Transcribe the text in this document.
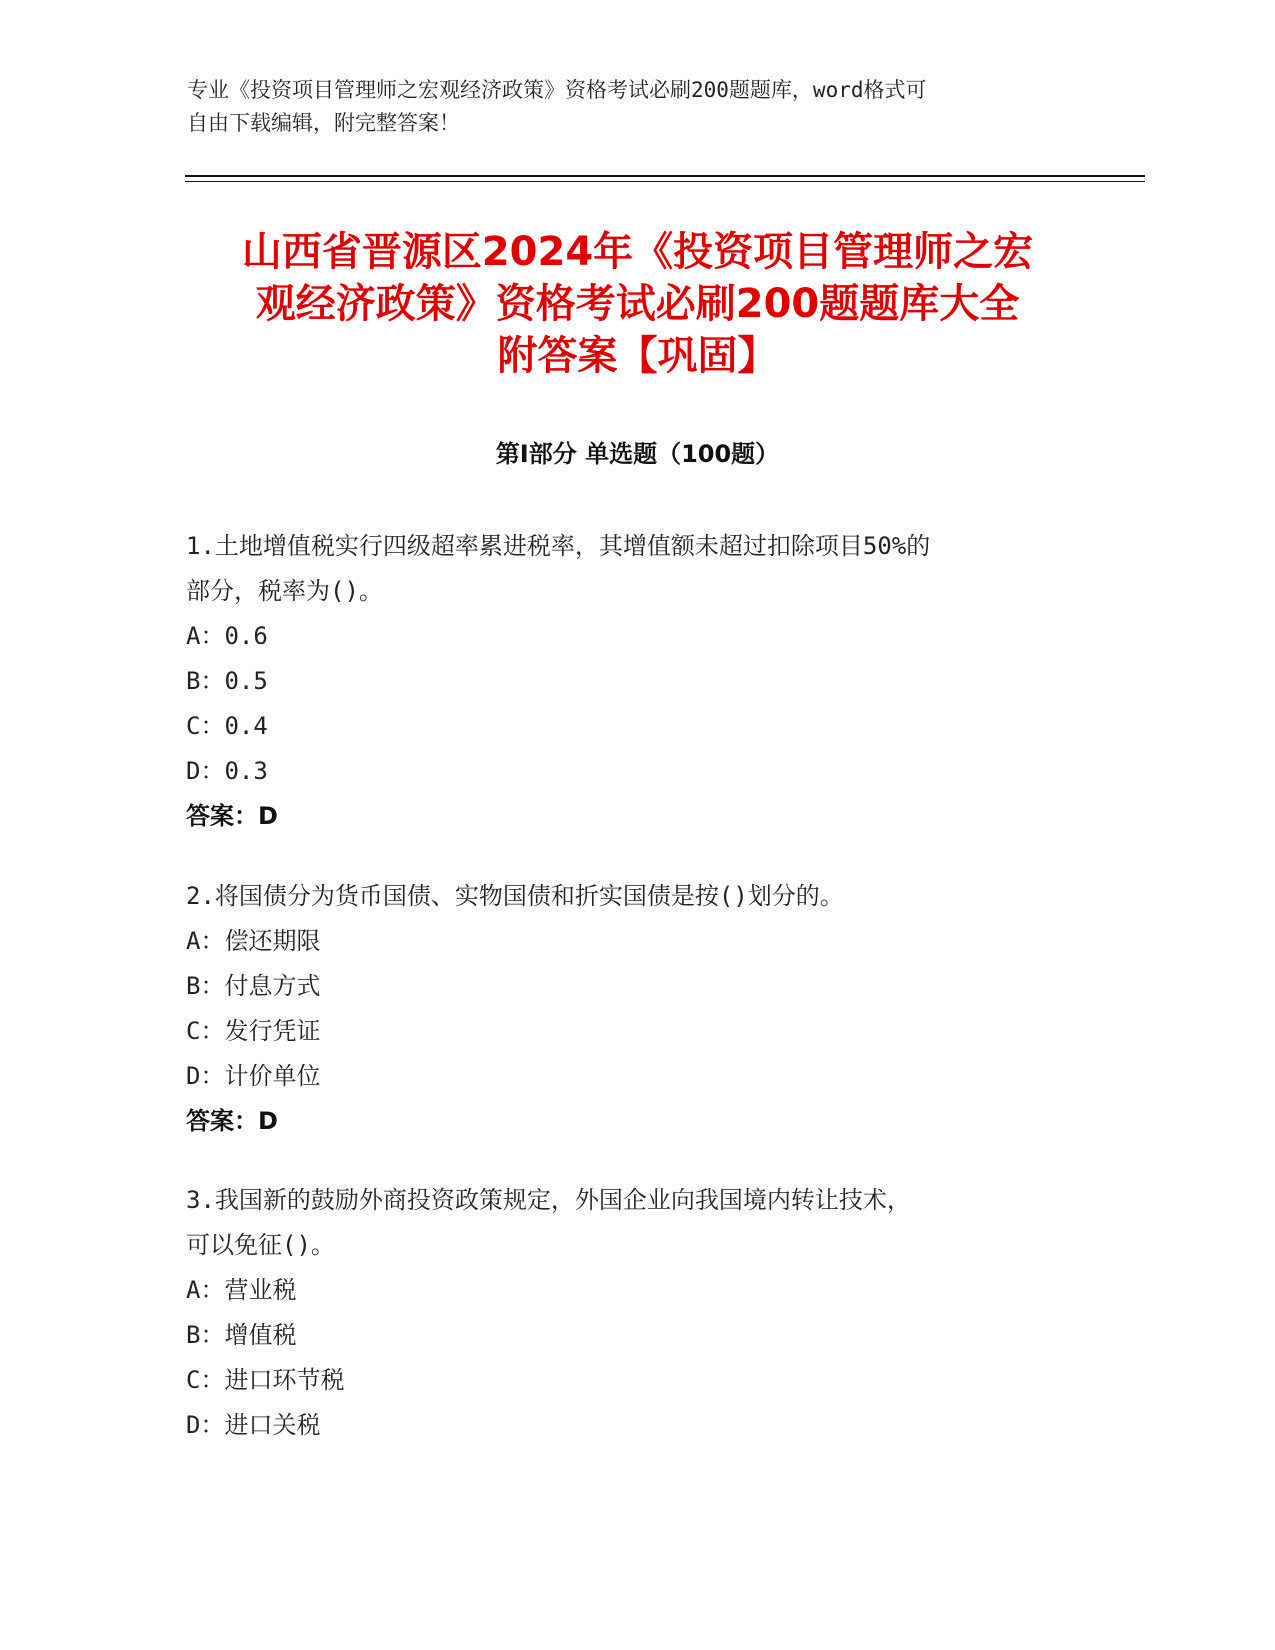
专业《投资项目管理师之宏观经济政策》资格考试必刷200题题库，word格式可

自由下载编辑，附完整答案！

山西省晋源区2024年《投资项目管理师之宏

观经济政策》资格考试必刷200题题库大全

附答案【巩固】

第I部分 单选题（100题）

1.土地增值税实行四级超率累进税率，其增值额未超过扣除项目50%的

部分，税率为()。

A：0.6

B：0.5

C：0.4

D：0.3

答案：D

2.将国债分为货币国债、实物国债和折实国债是按()划分的。

A：偿还期限

B：付息方式

C：发行凭证

D：计价单位

答案：D

3.我国新的鼓励外商投资政策规定，外国企业向我国境内转让技术，

可以免征()。

A：营业税

B：增值税

C：进口环节税

D：进口关税
